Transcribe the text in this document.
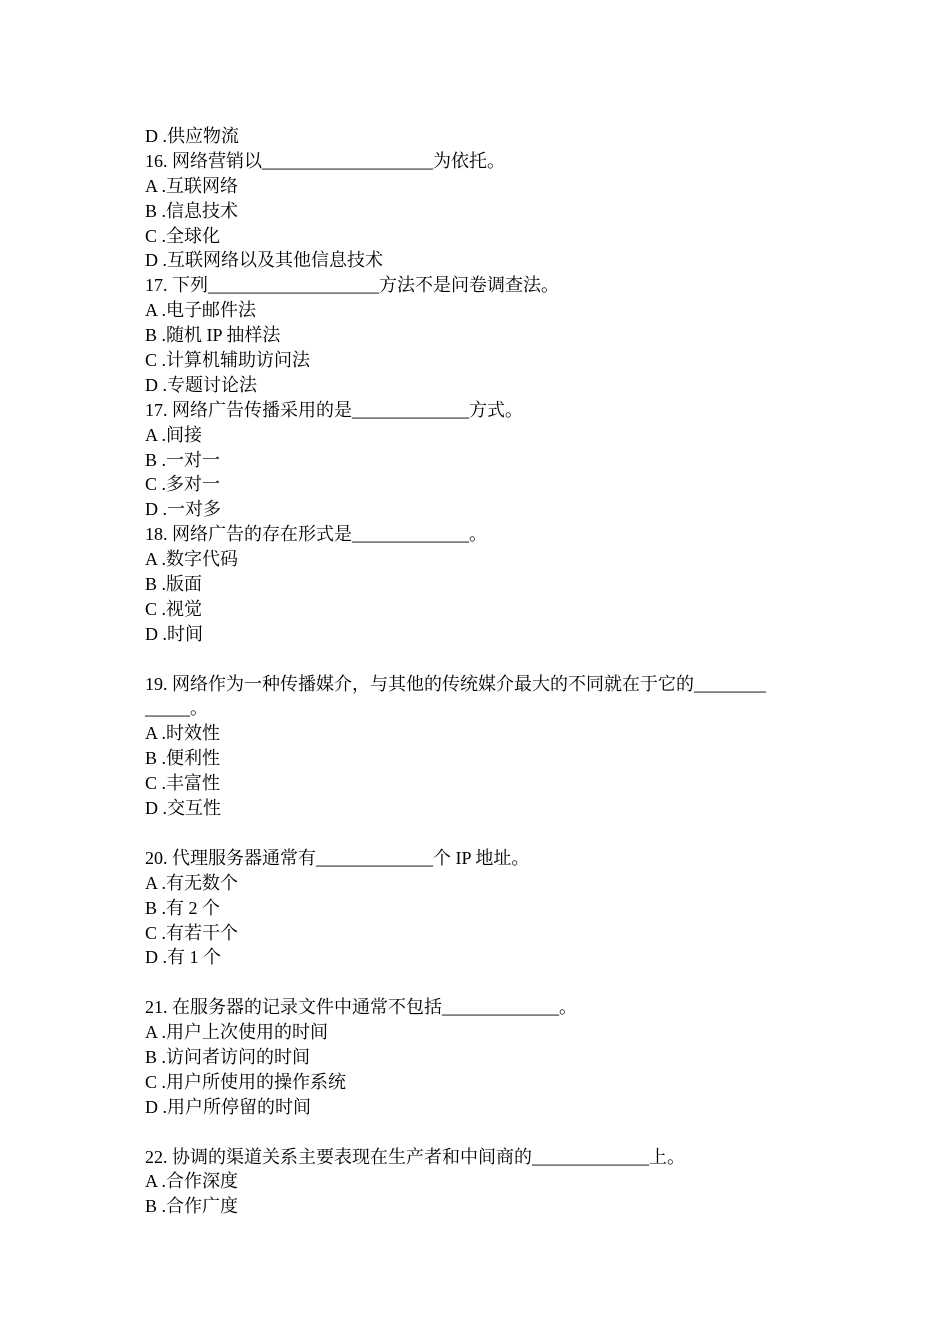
D .供应物流
16. 网络营销以___________________为依托。
A .互联网络
B .信息技术
C .全球化
D .互联网络以及其他信息技术
17. 下列___________________方法不是问卷调查法。
A .电子邮件法
B .随机 IP 抽样法
C .计算机辅助访问法
D .专题讨论法
17. 网络广告传播采用的是_____________方式。
A .间接
B .一对一
C .多对一
D .一对多
18. 网络广告的存在形式是_____________。
A .数字代码
B .版面
C .视觉
D .时间
19. 网络作为一种传播媒介，与其他的传统媒介最大的不同就在于它的________
_____。
A .时效性
B .便利性
C .丰富性
D .交互性
20. 代理服务器通常有_____________个 IP 地址。
A .有无数个
B .有 2 个
C .有若干个
D .有 1 个
21. 在服务器的记录文件中通常不包括_____________。
A .用户上次使用的时间
B .访问者访问的时间
C .用户所使用的操作系统
D .用户所停留的时间
22. 协调的渠道关系主要表现在生产者和中间商的_____________上。
A .合作深度
B .合作广度
